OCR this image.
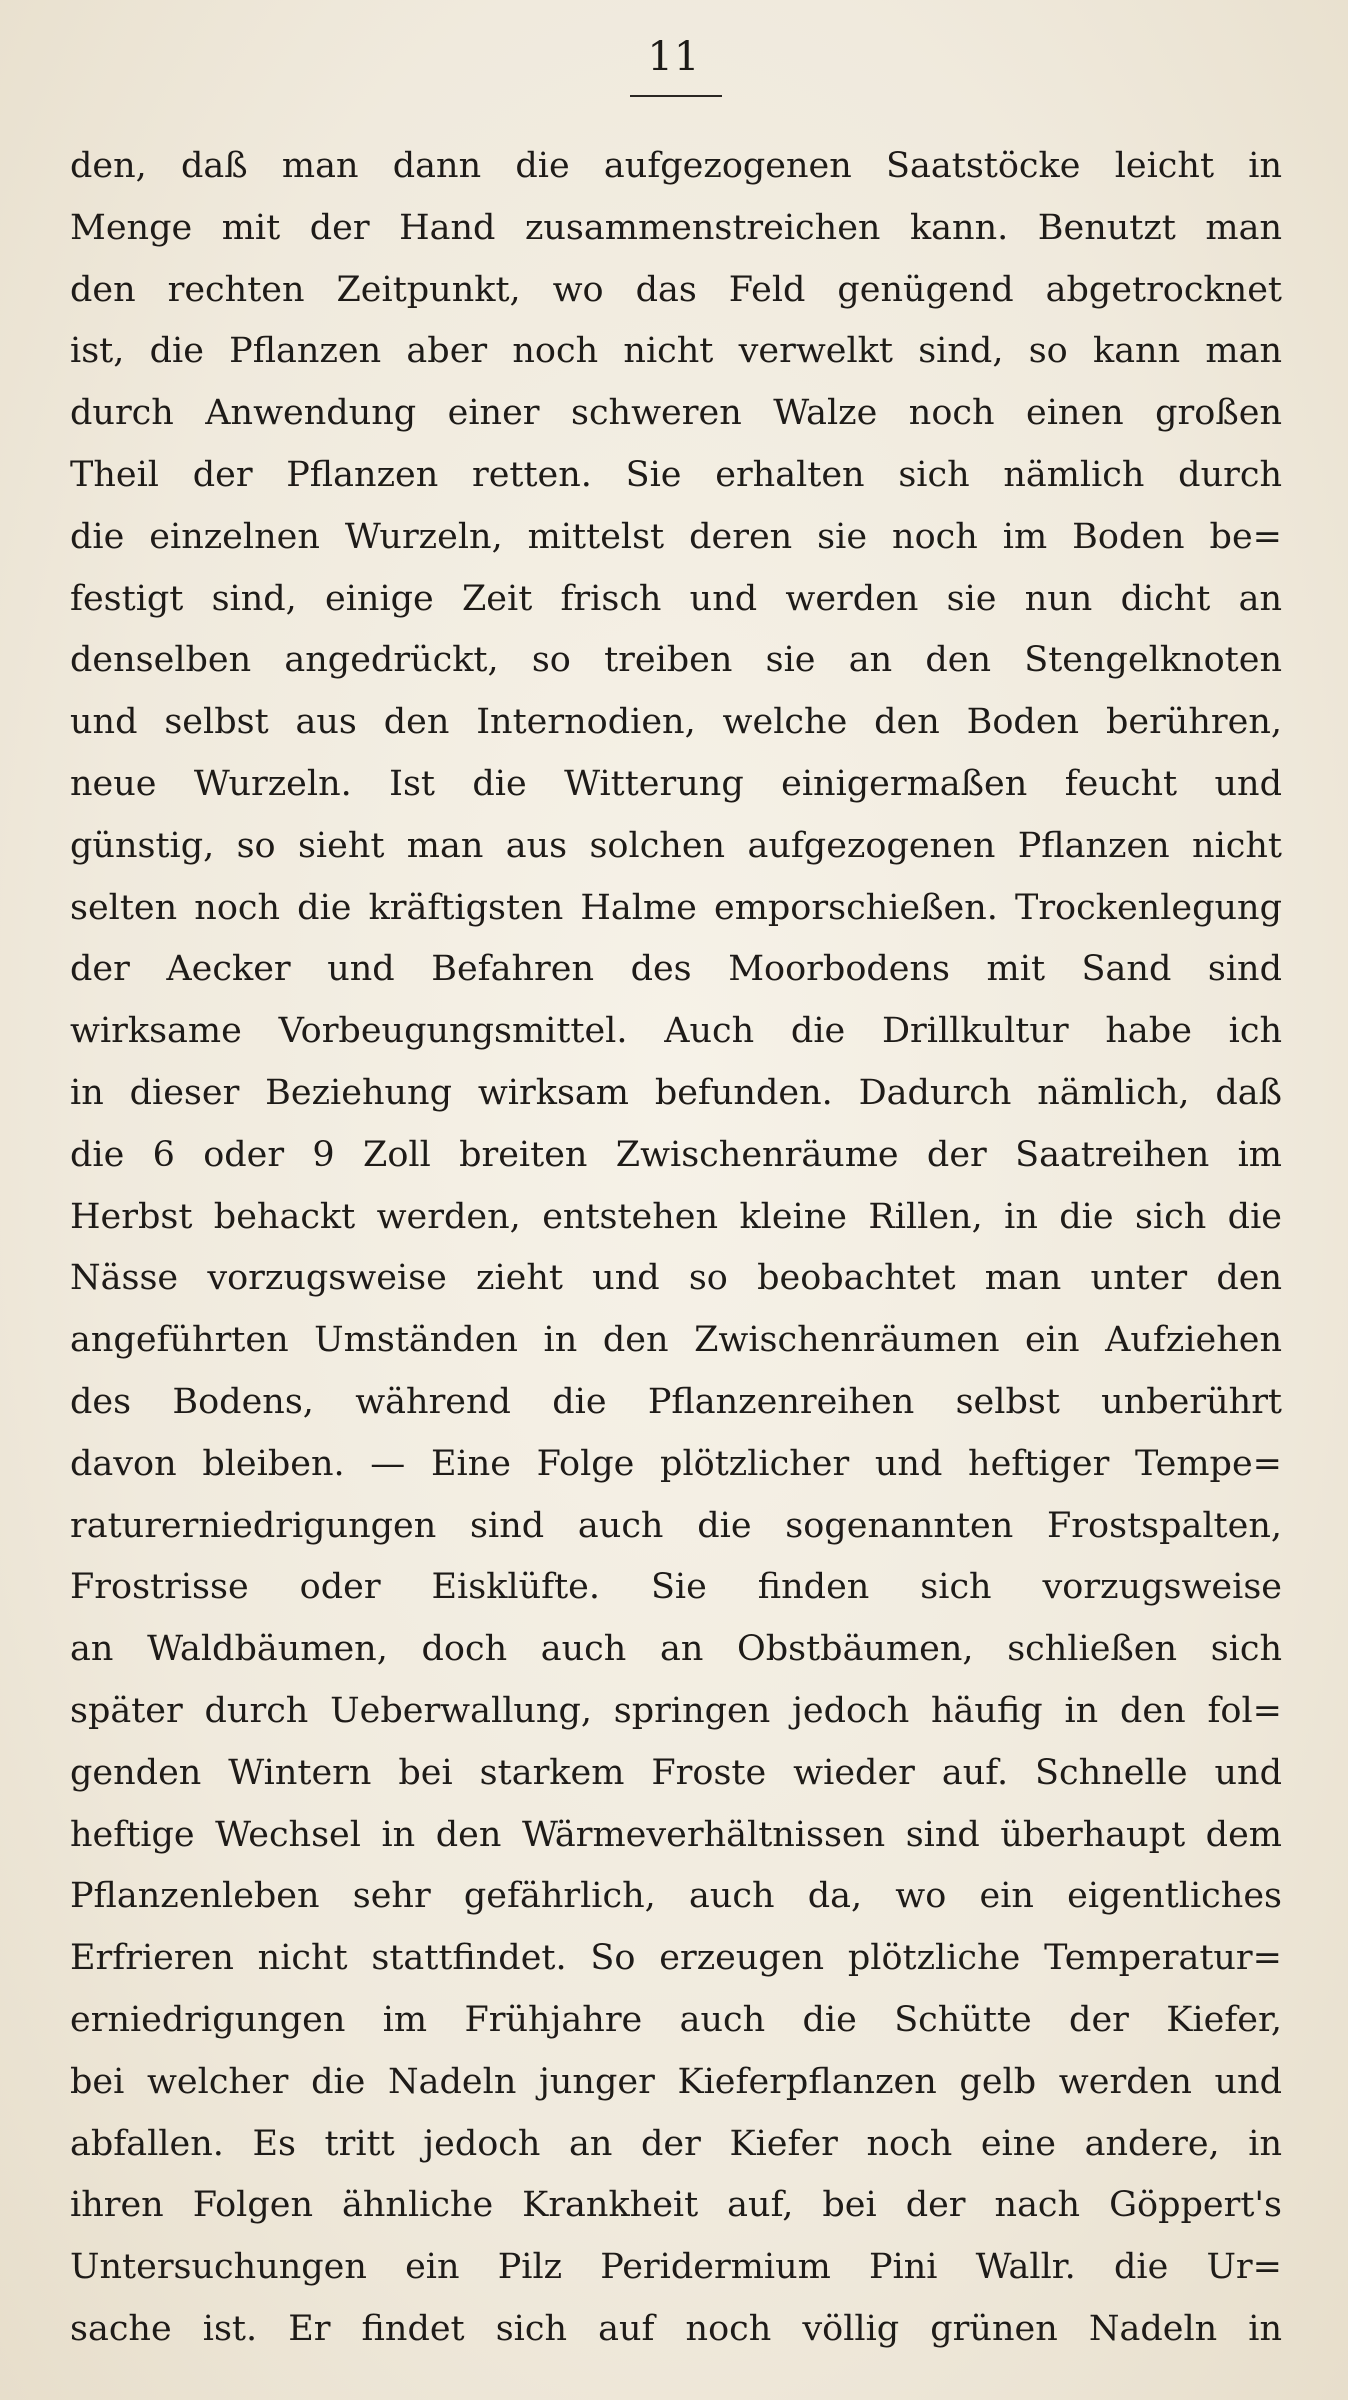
11
den, daß man dann die aufgezogenen Saatstöcke leicht in
Menge mit der Hand zusammenstreichen kann. Benutzt man
den rechten Zeitpunkt, wo das Feld genügend abgetrocknet
ist, die Pflanzen aber noch nicht verwelkt sind, so kann man
durch Anwendung einer schweren Walze noch einen großen
Theil der Pflanzen retten. Sie erhalten sich nämlich durch
die einzelnen Wurzeln, mittelst deren sie noch im Boden be=
festigt sind, einige Zeit frisch und werden sie nun dicht an
denselben angedrückt, so treiben sie an den Stengelknoten
und selbst aus den Internodien, welche den Boden berühren,
neue Wurzeln. Ist die Witterung einigermaßen feucht und
günstig, so sieht man aus solchen aufgezogenen Pflanzen nicht
selten noch die kräftigsten Halme emporschießen. Trockenlegung
der Aecker und Befahren des Moorbodens mit Sand sind
wirksame Vorbeugungsmittel. Auch die Drillkultur habe ich
in dieser Beziehung wirksam befunden. Dadurch nämlich, daß
die 6 oder 9 Zoll breiten Zwischenräume der Saatreihen im
Herbst behackt werden, entstehen kleine Rillen, in die sich die
Nässe vorzugsweise zieht und so beobachtet man unter den
angeführten Umständen in den Zwischenräumen ein Aufziehen
des Bodens, während die Pflanzenreihen selbst unberührt
davon bleiben. — Eine Folge plötzlicher und heftiger Tempe=
raturerniedrigungen sind auch die sogenannten Frostspalten,
Frostrisse oder Eisklüfte. Sie finden sich vorzugsweise
an Waldbäumen, doch auch an Obstbäumen, schließen sich
später durch Ueberwallung, springen jedoch häufig in den fol=
genden Wintern bei starkem Froste wieder auf. Schnelle und
heftige Wechsel in den Wärmeverhältnissen sind überhaupt dem
Pflanzenleben sehr gefährlich, auch da, wo ein eigentliches
Erfrieren nicht stattfindet. So erzeugen plötzliche Temperatur=
erniedrigungen im Frühjahre auch die Schütte der Kiefer,
bei welcher die Nadeln junger Kieferpflanzen gelb werden und
abfallen. Es tritt jedoch an der Kiefer noch eine andere, in
ihren Folgen ähnliche Krankheit auf, bei der nach Göppert's
Untersuchungen ein Pilz Peridermium Pini Wallr. die Ur=
sache ist. Er findet sich auf noch völlig grünen Nadeln in
